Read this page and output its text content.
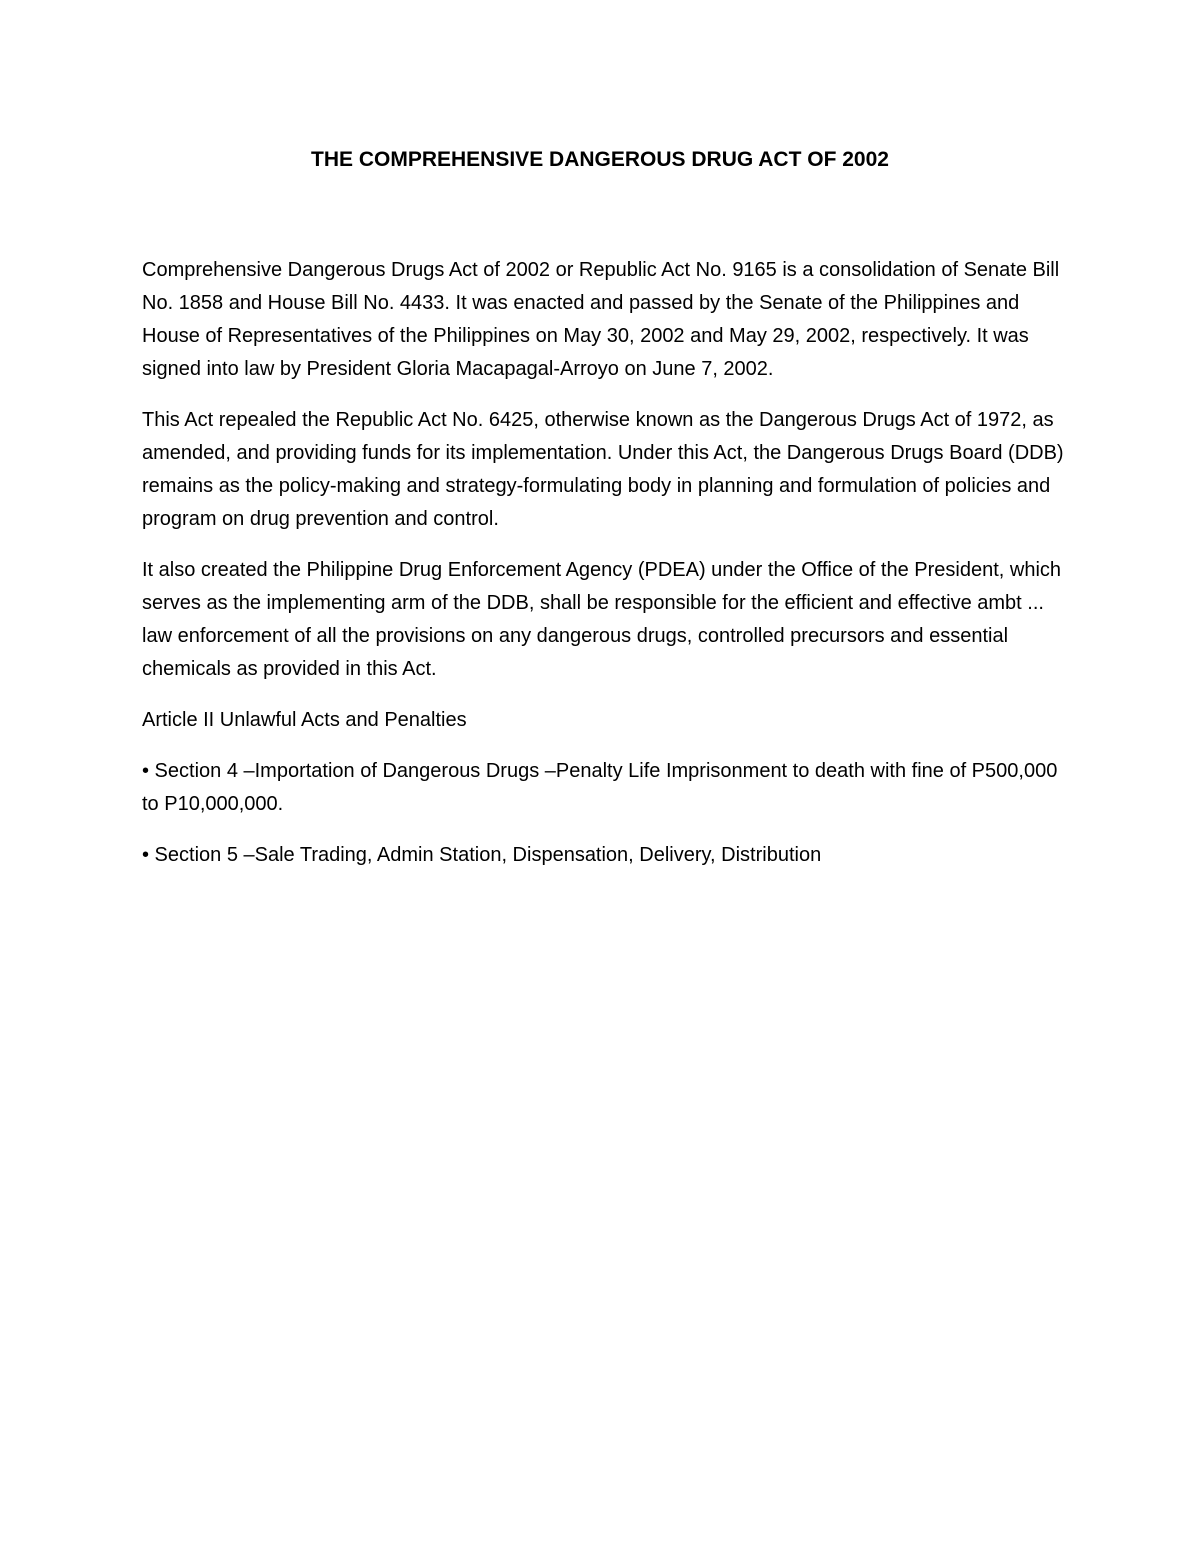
THE COMPREHENSIVE DANGEROUS DRUG ACT OF 2002

Comprehensive Dangerous Drugs Act of 2002 or Republic Act No. 9165 is a consolidation of Senate Bill No. 1858 and House Bill No. 4433. It was enacted and passed by the Senate of the Philippines and House of Representatives of the Philippines on May 30, 2002 and May 29, 2002, respectively. It was signed into law by President Gloria Macapagal-Arroyo on June 7, 2002.

This Act repealed the Republic Act No. 6425, otherwise known as the Dangerous Drugs Act of 1972, as amended, and providing funds for its implementation. Under this Act, the Dangerous Drugs Board (DDB) remains as the policy-making and strategy-formulating body in planning and formulation of policies and program on drug prevention and control.

It also created the Philippine Drug Enforcement Agency (PDEA) under the Office of the President, which serves as the implementing arm of the DDB, shall be responsible for the efficient and effective ambt ... law enforcement of all the provisions on any dangerous drugs, controlled precursors and essential chemicals as provided in this Act.

Article II Unlawful Acts and Penalties

• Section 4 –Importation of Dangerous Drugs –Penalty Life Imprisonment to death with fine of P500,000 to P10,000,000.

• Section 5 –Sale Trading, Admin Station, Dispensation, Delivery, Distribution
